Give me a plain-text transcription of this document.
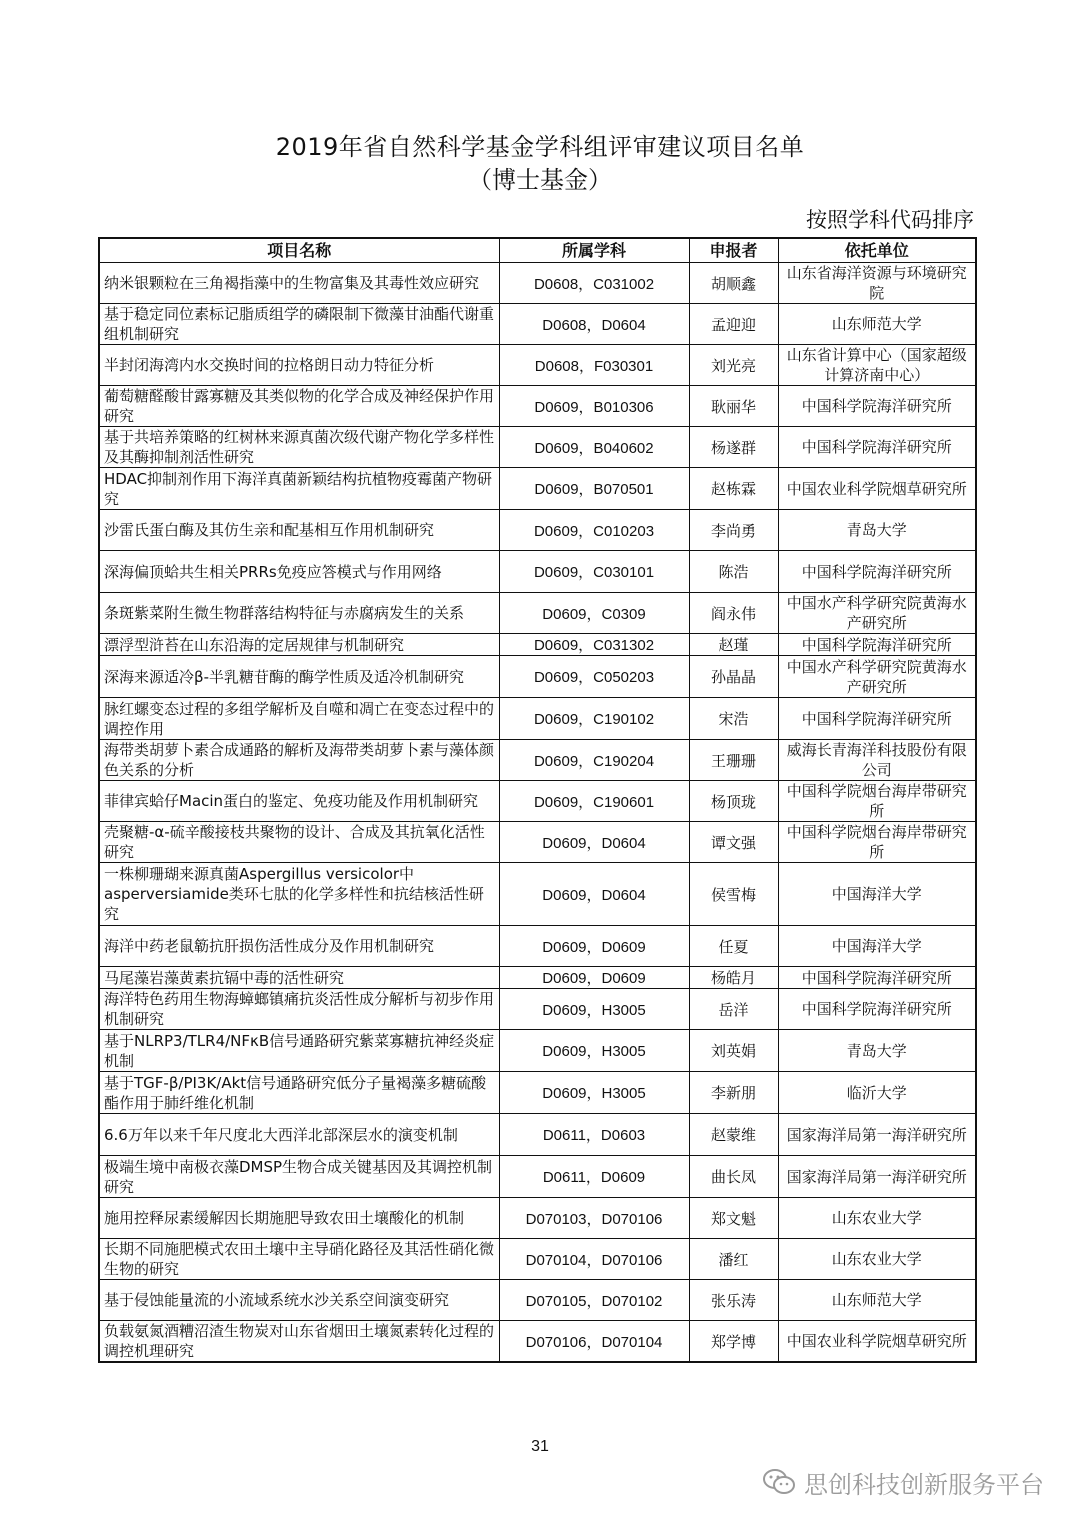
2019年省自然科学基金学科组评审建议项目名单
（博士基金）
按照学科代码排序
项目名称	所属学科	申报者	依托单位

纳米银颗粒在三角褐指藻中的生物富集及其毒性效应研究	D0608，C031002	胡顺鑫	山东省海洋资源与环境研究院

基于稳定同位素标记脂质组学的磷限制下微藻甘油酯代谢重组机制研究	D0608，D0604	孟迎迎	山东师范大学

半封闭海湾内水交换时间的拉格朗日动力特征分析	D0608，F030301	刘光亮	山东省计算中心（国家超级计算济南中心）

葡萄糖醛酸甘露寡糖及其类似物的化学合成及神经保护作用研究	D0609，B010306	耿丽华	中国科学院海洋研究所

基于共培养策略的红树林来源真菌次级代谢产物化学多样性及其酶抑制剂活性研究	D0609，B040602	杨遂群	中国科学院海洋研究所

HDAC抑制剂作用下海洋真菌新颖结构抗植物疫霉菌产物研究	D0609，B070501	赵栋霖	中国农业科学院烟草研究所

沙雷氏蛋白酶及其仿生亲和配基相互作用机制研究	D0609，C010203	李尚勇	青岛大学

深海偏顶蛤共生相关PRRs免疫应答模式与作用网络	D0609，C030101	陈浩	中国科学院海洋研究所

条斑紫菜附生微生物群落结构特征与赤腐病发生的关系	D0609，C0309	阎永伟	中国水产科学研究院黄海水产研究所

漂浮型浒苔在山东沿海的定居规律与机制研究	D0609，C031302	赵瑾	中国科学院海洋研究所

深海来源适冷β-半乳糖苷酶的酶学性质及适冷机制研究	D0609，C050203	孙晶晶	中国水产科学研究院黄海水产研究所

脉红螺变态过程的多组学解析及自噬和凋亡在变态过程中的调控作用	D0609，C190102	宋浩	中国科学院海洋研究所

海带类胡萝卜素合成通路的解析及海带类胡萝卜素与藻体颜色关系的分析	D0609，C190204	王珊珊	威海长青海洋科技股份有限公司

菲律宾蛤仔Macin蛋白的鉴定、免疫功能及作用机制研究	D0609，C190601	杨顶珑	中国科学院烟台海岸带研究所

壳聚糖-α-硫辛酸接枝共聚物的设计、合成及其抗氧化活性研究	D0609，D0604	谭文强	中国科学院烟台海岸带研究所

一株柳珊瑚来源真菌Aspergillus versicolor中asperversiamide类环七肽的化学多样性和抗结核活性研究	D0609，D0604	侯雪梅	中国海洋大学

海洋中药老鼠簕抗肝损伤活性成分及作用机制研究	D0609，D0609	任夏	中国海洋大学

马尾藻岩藻黄素抗镉中毒的活性研究	D0609，D0609	杨皓月	中国科学院海洋研究所

海洋特色药用生物海蟑螂镇痛抗炎活性成分解析与初步作用机制研究	D0609，H3005	岳洋	中国科学院海洋研究所

基于NLRP3/TLR4/NFκB信号通路研究紫菜寡糖抗神经炎症机制	D0609，H3005	刘英娟	青岛大学

基于TGF-β/PI3K/Akt信号通路研究低分子量褐藻多糖硫酸酯作用于肺纤维化机制	D0609，H3005	李新朋	临沂大学

6.6万年以来千年尺度北大西洋北部深层水的演变机制	D0611，D0603	赵蒙维	国家海洋局第一海洋研究所

极端生境中南极衣藻DMSP生物合成关键基因及其调控机制研究	D0611，D0609	曲长凤	国家海洋局第一海洋研究所

施用控释尿素缓解因长期施肥导致农田土壤酸化的机制	D070103，D070106	郑文魁	山东农业大学

长期不同施肥模式农田土壤中主导硝化路径及其活性硝化微生物的研究	D070104，D070106	潘红	山东农业大学

基于侵蚀能量流的小流域系统水沙关系空间演变研究	D070105，D070102	张乐涛	山东师范大学

负载氨氮酒糟沼渣生物炭对山东省烟田土壤氮素转化过程的调控机理研究	D070106，D070104	郑学博	中国农业科学院烟草研究所
31
思创科技创新服务平台
